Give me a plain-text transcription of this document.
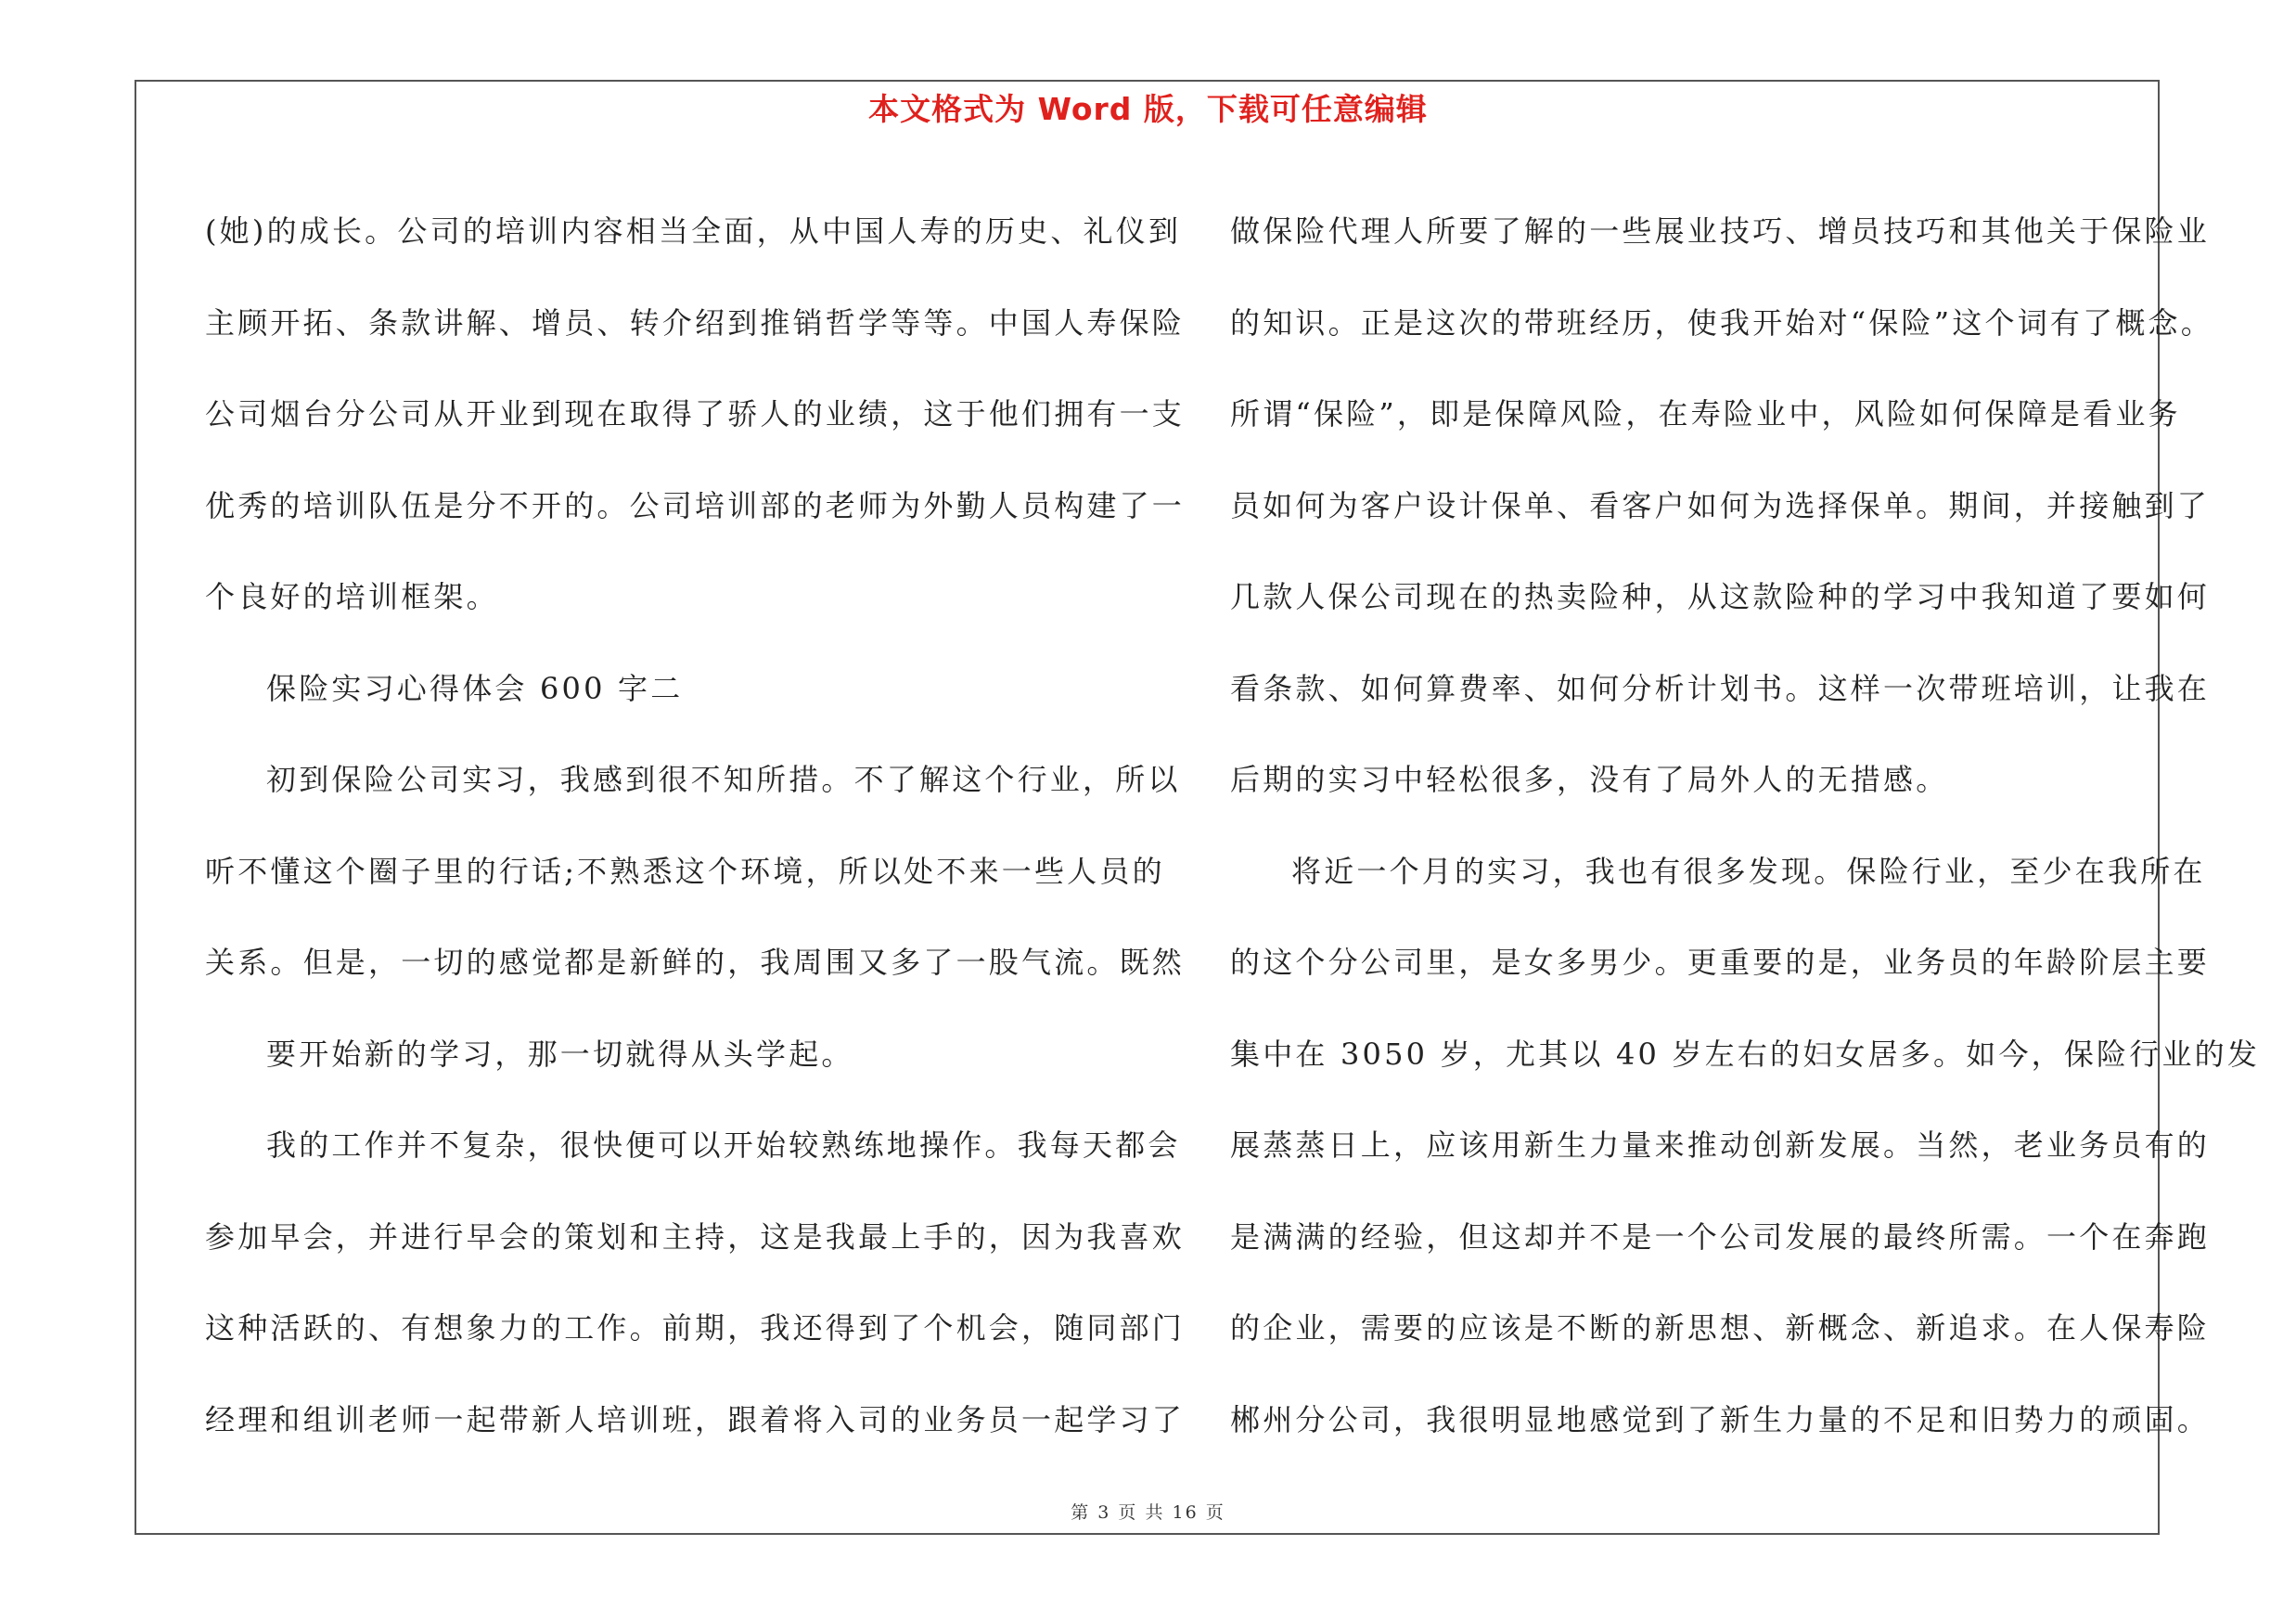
本文格式为 Word 版，下载可任意编辑
(她)的成长。公司的培训内容相当全面，从中国人寿的历史、礼仪到
主顾开拓、条款讲解、增员、转介绍到推销哲学等等。中国人寿保险
公司烟台分公司从开业到现在取得了骄人的业绩，这于他们拥有一支
优秀的培训队伍是分不开的。公司培训部的老师为外勤人员构建了一
个良好的培训框架。
保险实习心得体会 600 字二
初到保险公司实习，我感到很不知所措。不了解这个行业，所以
听不懂这个圈子里的行话;不熟悉这个环境，所以处不来一些人员的
关系。但是，一切的感觉都是新鲜的，我周围又多了一股气流。既然
要开始新的学习，那一切就得从头学起。
我的工作并不复杂，很快便可以开始较熟练地操作。我每天都会
参加早会，并进行早会的策划和主持，这是我最上手的，因为我喜欢
这种活跃的、有想象力的工作。前期，我还得到了个机会，随同部门
经理和组训老师一起带新人培训班，跟着将入司的业务员一起学习了
做保险代理人所要了解的一些展业技巧、增员技巧和其他关于保险业
的知识。正是这次的带班经历，使我开始对“保险”这个词有了概念。
所谓“保险”，即是保障风险，在寿险业中，风险如何保障是看业务
员如何为客户设计保单、看客户如何为选择保单。期间，并接触到了
几款人保公司现在的热卖险种，从这款险种的学习中我知道了要如何
看条款、如何算费率、如何分析计划书。这样一次带班培训，让我在
后期的实习中轻松很多，没有了局外人的无措感。
将近一个月的实习，我也有很多发现。保险行业，至少在我所在
的这个分公司里，是女多男少。更重要的是，业务员的年龄阶层主要
集中在 3050 岁，尤其以 40 岁左右的妇女居多。如今，保险行业的发
展蒸蒸日上，应该用新生力量来推动创新发展。当然，老业务员有的
是满满的经验，但这却并不是一个公司发展的最终所需。一个在奔跑
的企业，需要的应该是不断的新思想、新概念、新追求。在人保寿险
郴州分公司，我很明显地感觉到了新生力量的不足和旧势力的顽固。
第 3 页 共 16 页
